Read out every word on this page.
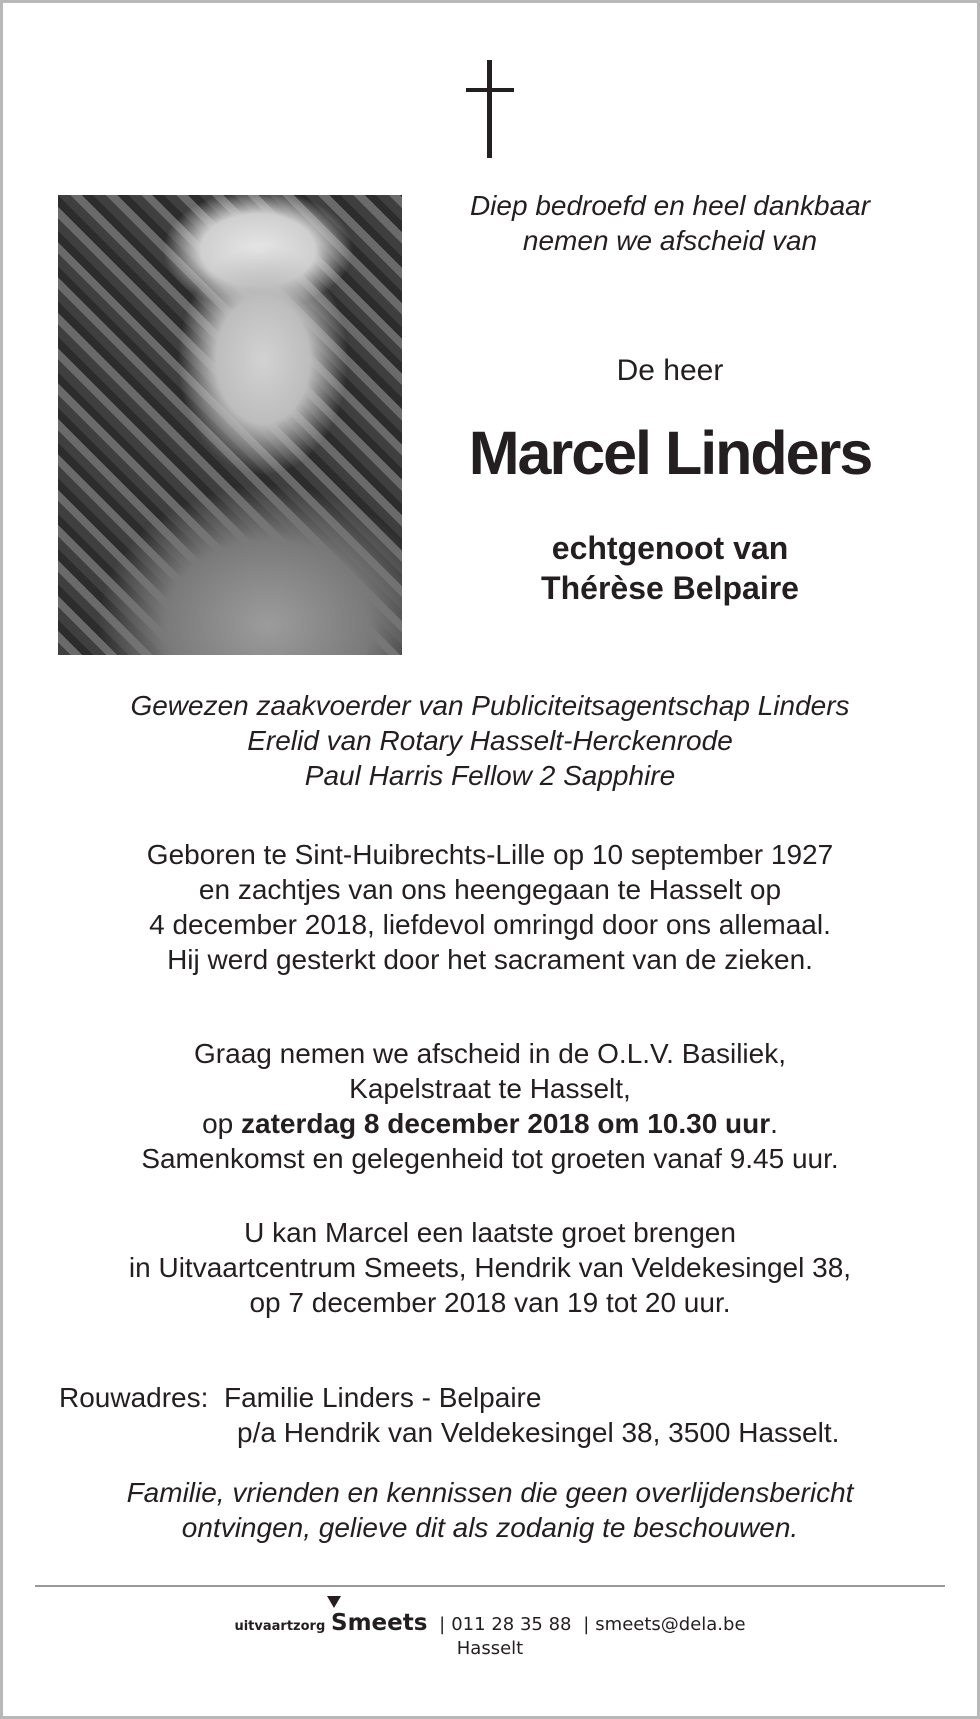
Diep bedroefd en heel dankbaar
nemen we afscheid van
De heer
Marcel Linders
echtgenoot van
Thérèse Belpaire
Gewezen zaakvoerder van Publiciteitsagentschap Linders
Erelid van Rotary Hasselt-Herckenrode
Paul Harris Fellow 2 Sapphire
Geboren te Sint-Huibrechts-Lille op 10 september 1927
en zachtjes van ons heengegaan te Hasselt op
4 december 2018, liefdevol omringd door ons allemaal.
Hij werd gesterkt door het sacrament van de zieken.
Graag nemen we afscheid in de O.L.V. Basiliek,
Kapelstraat te Hasselt,
op zaterdag 8 december 2018 om 10.30 uur.
Samenkomst en gelegenheid tot groeten vanaf 9.45 uur.
U kan Marcel een laatste groet brengen
in Uitvaartcentrum Smeets, Hendrik van Veldekesingel 38,
op 7 december 2018 van 19 tot 20 uur.
Rouwadres: Familie Linders - Belpaire
p/a Hendrik van Veldekesingel 38, 3500 Hasselt.
Familie, vrienden en kennissen die geen overlijdensbericht
ontvingen, gelieve dit als zodanig te beschouwen.
uitvaartzorg Smeets | 011 28 35 88 | smeets@dela.be
Hasselt
